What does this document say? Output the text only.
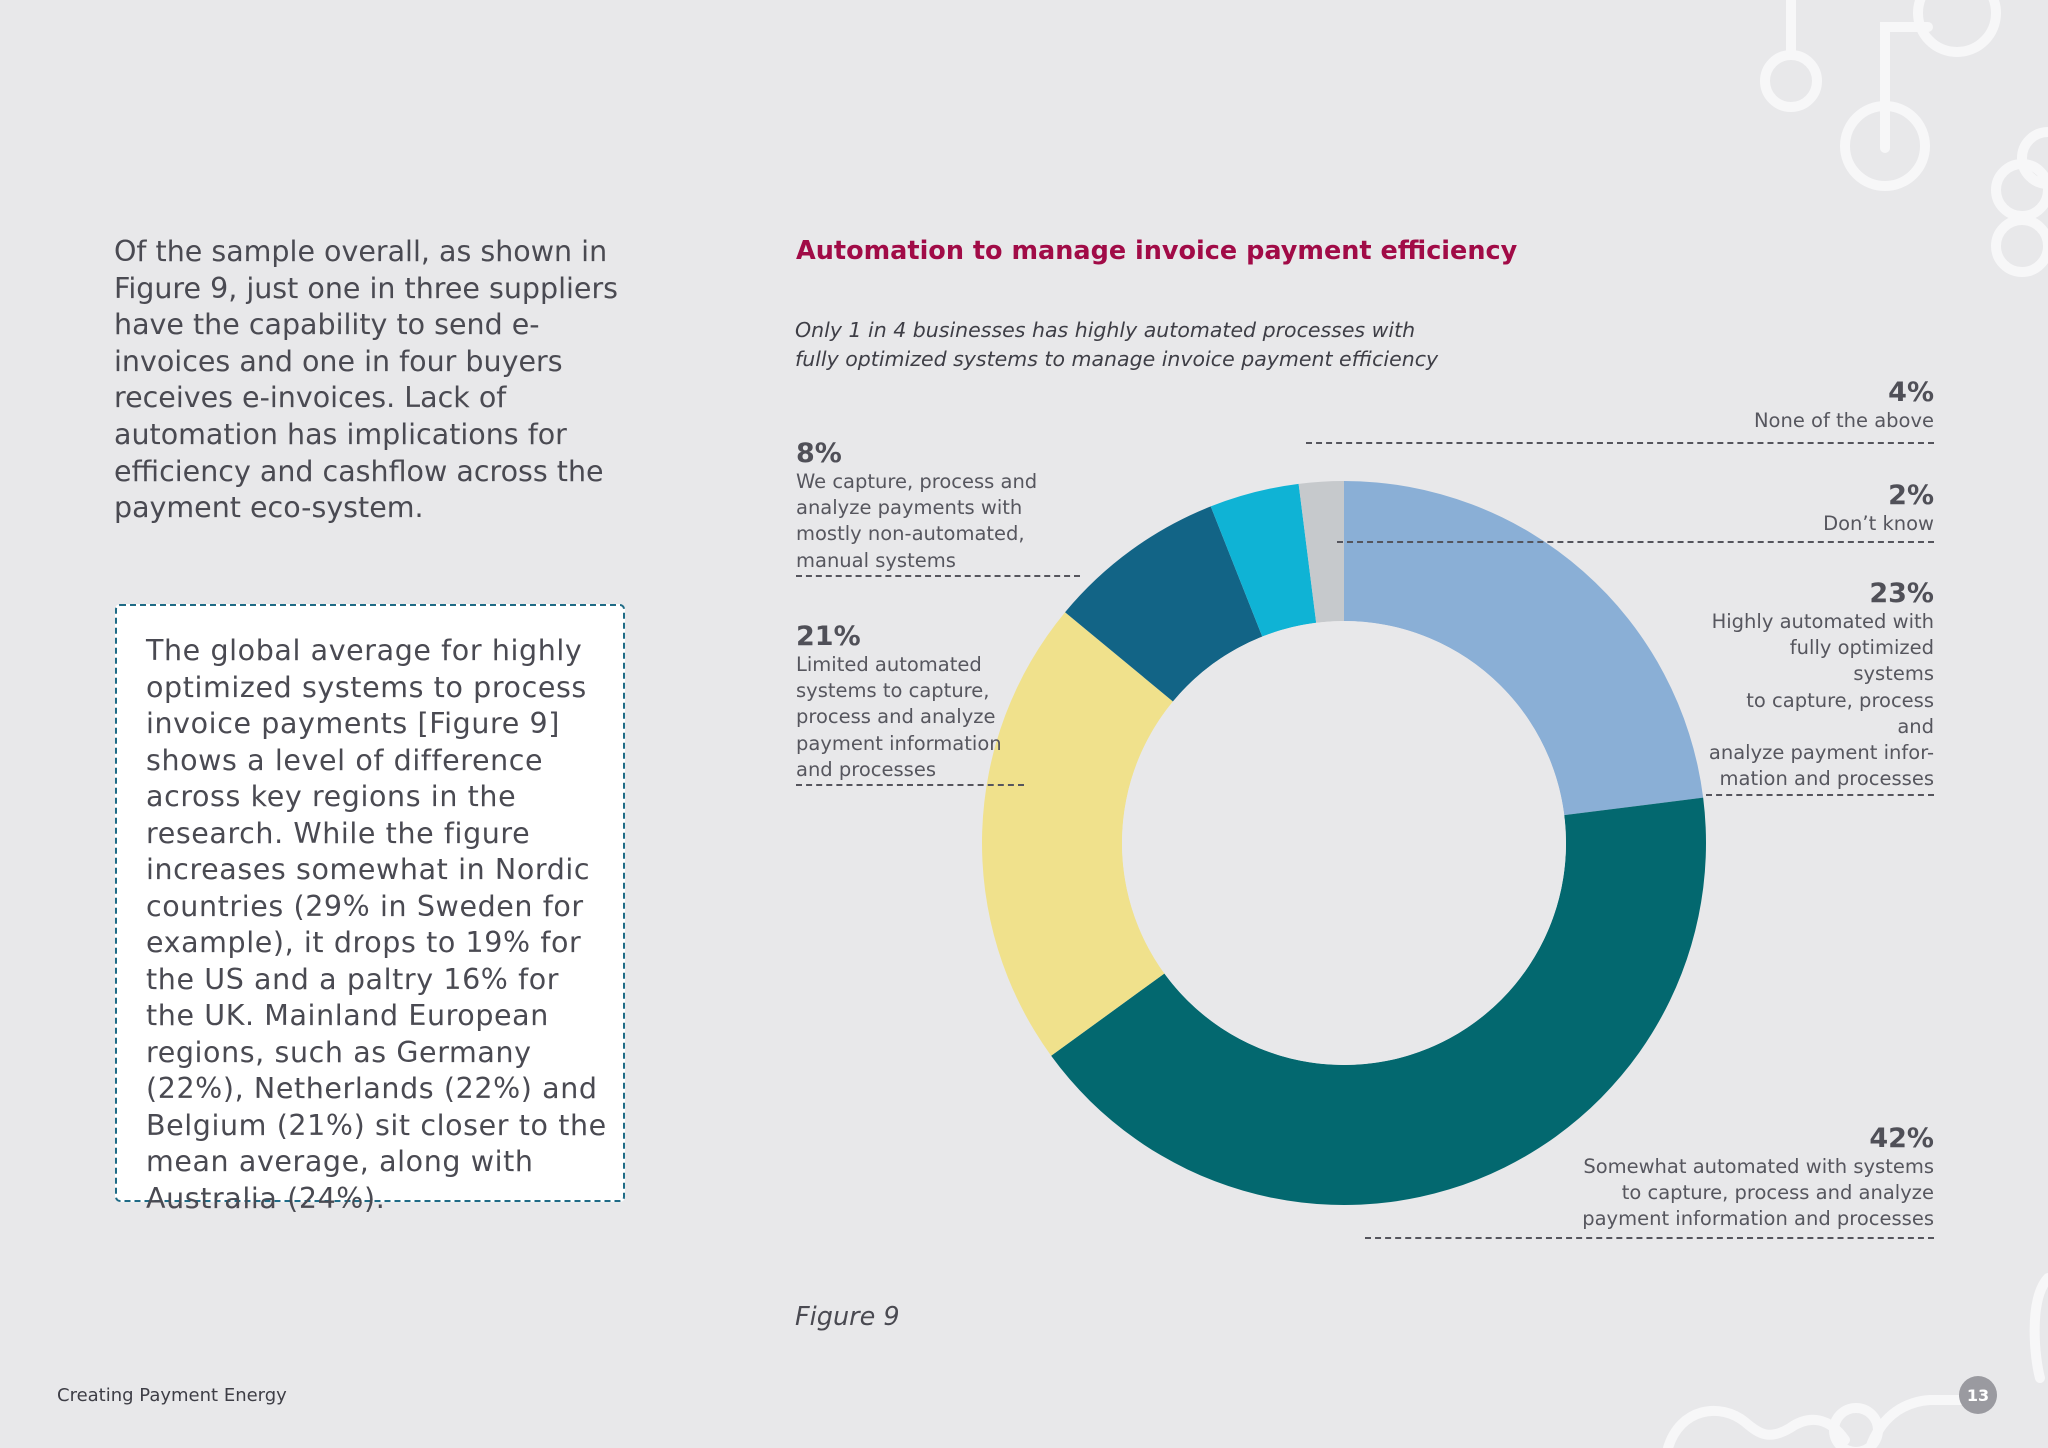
Of the sample overall, as shown in Figure 9, just one in three suppliers have the capability to send e-invoices and one in four buyers receives e-invoices. Lack of automation has implications for efficiency and cashflow across the payment eco-system.
The global average for highly optimized systems to process invoice payments [Figure 9] shows a level of difference across key regions in the research. While the figure increases somewhat in Nordic countries (29% in Sweden for example), it drops to 19% for the US and a paltry 16% for the UK. Mainland European regions, such as Germany (22%), Netherlands (22%) and Belgium (21%) sit closer to the mean average, along with Australia (24%).
Automation to manage invoice payment efficiency
Only 1 in 4 businesses has highly automated processes with fully optimized systems to manage invoice payment efficiency
4%
None of the above
2%
Don’t know
23%
Highly automated with
fully optimized systems
to capture, process and
analyze payment infor-
mation and processes
42%
Somewhat automated with systems
to capture, process and analyze
payment information and processes
8%
We capture, process and
analyze payments with
mostly non-automated,
manual systems
21%
Limited automated
systems to capture,
process and analyze
payment information
and processes
Figure 9
Creating Payment Energy	13
